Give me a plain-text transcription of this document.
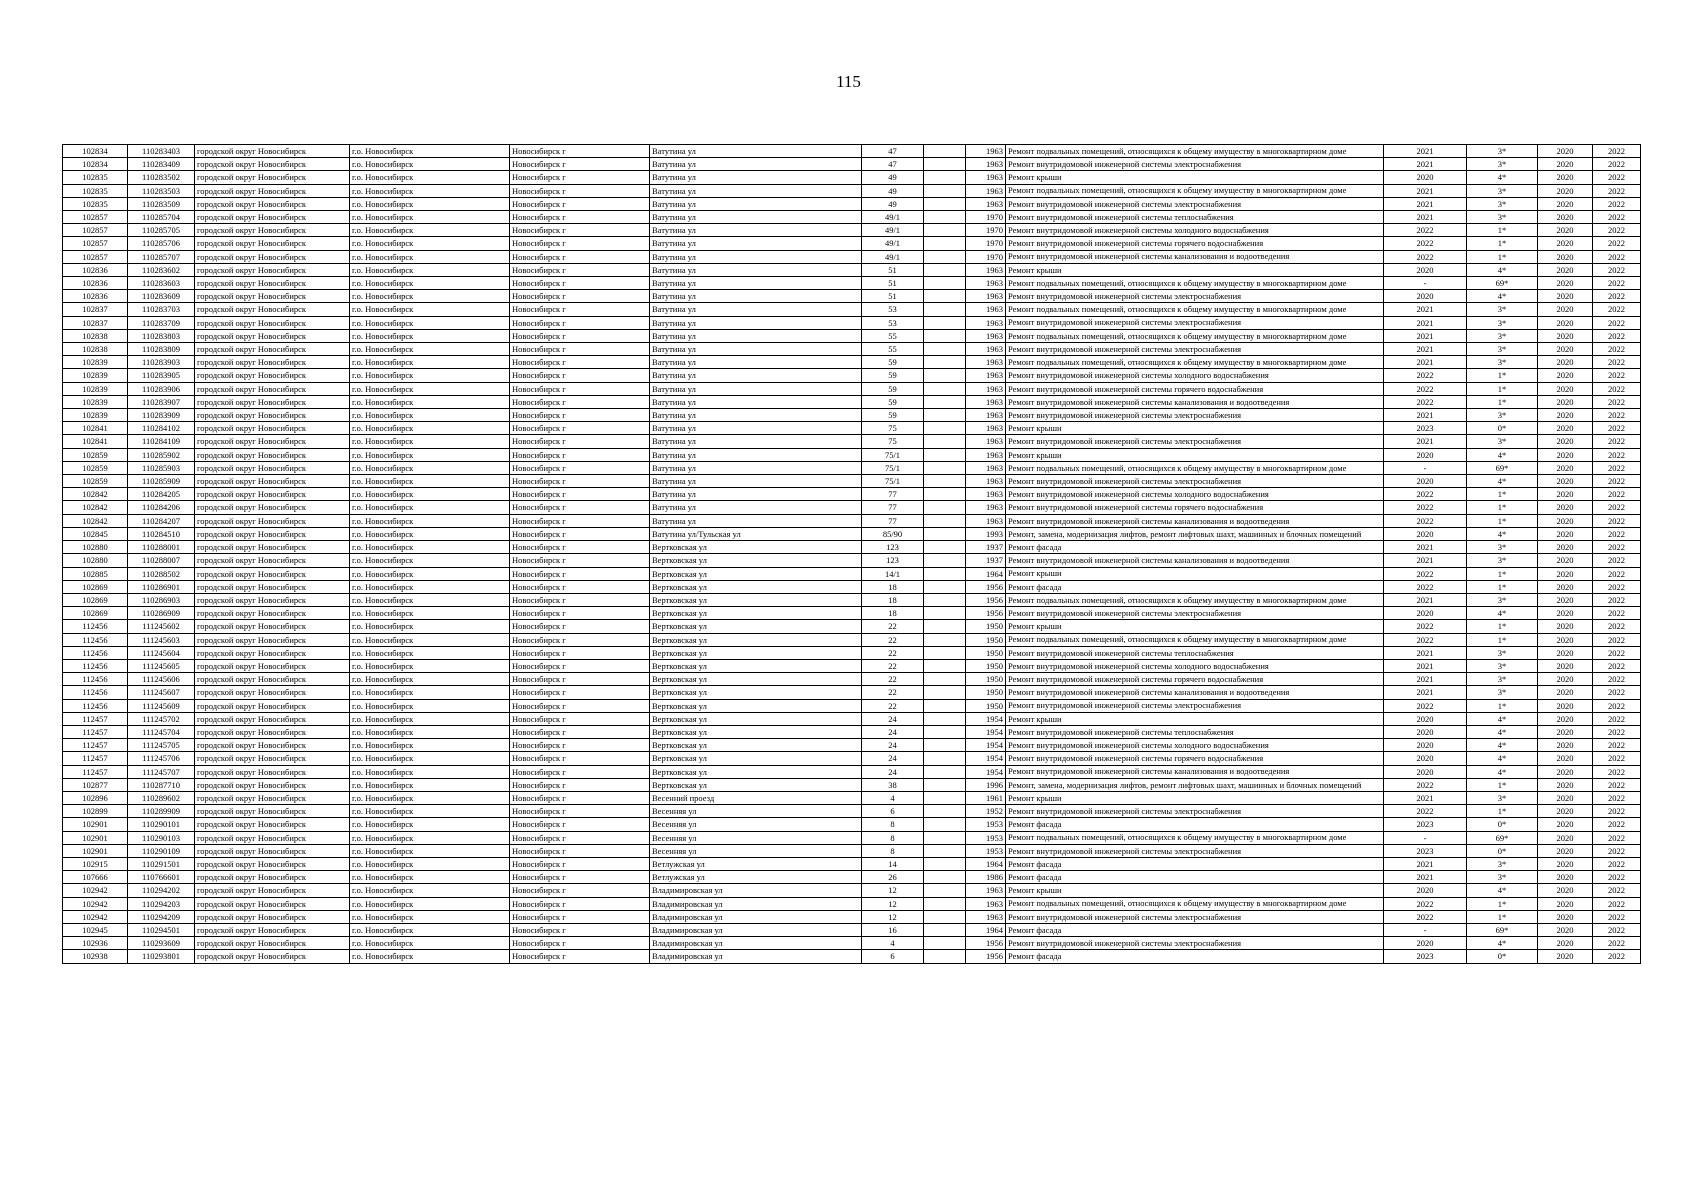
115
102834	110283403	городской округ Новосибирск	г.о. Новосибирск	Новосибирск г	Ватутина ул	47		1963	Ремонт подвальных помещений, относящихся к общему имуществу в многоквартирном доме	2021	3*	2020	2022
102834	110283409	городской округ Новосибирск	г.о. Новосибирск	Новосибирск г	Ватутина ул	47		1963	Ремонт внутридомовой инженерной системы электроснабжения	2021	3*	2020	2022
102835	110283502	городской округ Новосибирск	г.о. Новосибирск	Новосибирск г	Ватутина ул	49		1963	Ремонт крыши	2020	4*	2020	2022
102835	110283503	городской округ Новосибирск	г.о. Новосибирск	Новосибирск г	Ватутина ул	49		1963	Ремонт подвальных помещений, относящихся к общему имуществу в многоквартирном доме	2021	3*	2020	2022
102835	110283509	городской округ Новосибирск	г.о. Новосибирск	Новосибирск г	Ватутина ул	49		1963	Ремонт внутридомовой инженерной системы электроснабжения	2021	3*	2020	2022
102857	110285704	городской округ Новосибирск	г.о. Новосибирск	Новосибирск г	Ватутина ул	49/1		1970	Ремонт внутридомовой инженерной системы теплоснабжения	2021	3*	2020	2022
102857	110285705	городской округ Новосибирск	г.о. Новосибирск	Новосибирск г	Ватутина ул	49/1		1970	Ремонт внутридомовой инженерной системы холодного водоснабжения	2022	1*	2020	2022
102857	110285706	городской округ Новосибирск	г.о. Новосибирск	Новосибирск г	Ватутина ул	49/1		1970	Ремонт внутридомовой инженерной системы горячего водоснабжения	2022	1*	2020	2022
102857	110285707	городской округ Новосибирск	г.о. Новосибирск	Новосибирск г	Ватутина ул	49/1		1970	Ремонт внутридомовой инженерной системы канализования и водоотведения	2022	1*	2020	2022
102836	110283602	городской округ Новосибирск	г.о. Новосибирск	Новосибирск г	Ватутина ул	51		1963	Ремонт крыши	2020	4*	2020	2022
102836	110283603	городской округ Новосибирск	г.о. Новосибирск	Новосибирск г	Ватутина ул	51		1963	Ремонт подвальных помещений, относящихся к общему имуществу в многоквартирном доме	-	69*	2020	2022
102836	110283609	городской округ Новосибирск	г.о. Новосибирск	Новосибирск г	Ватутина ул	51		1963	Ремонт внутридомовой инженерной системы электроснабжения	2020	4*	2020	2022
102837	110283703	городской округ Новосибирск	г.о. Новосибирск	Новосибирск г	Ватутина ул	53		1963	Ремонт подвальных помещений, относящихся к общему имуществу в многоквартирном доме	2021	3*	2020	2022
102837	110283709	городской округ Новосибирск	г.о. Новосибирск	Новосибирск г	Ватутина ул	53		1963	Ремонт внутридомовой инженерной системы электроснабжения	2021	3*	2020	2022
102838	110283803	городской округ Новосибирск	г.о. Новосибирск	Новосибирск г	Ватутина ул	55		1963	Ремонт подвальных помещений, относящихся к общему имуществу в многоквартирном доме	2021	3*	2020	2022
102838	110283809	городской округ Новосибирск	г.о. Новосибирск	Новосибирск г	Ватутина ул	55		1963	Ремонт внутридомовой инженерной системы электроснабжения	2021	3*	2020	2022
102839	110283903	городской округ Новосибирск	г.о. Новосибирск	Новосибирск г	Ватутина ул	59		1963	Ремонт подвальных помещений, относящихся к общему имуществу в многоквартирном доме	2021	3*	2020	2022
102839	110283905	городской округ Новосибирск	г.о. Новосибирск	Новосибирск г	Ватутина ул	59		1963	Ремонт внутридомовой инженерной системы холодного водоснабжения	2022	1*	2020	2022
102839	110283906	городской округ Новосибирск	г.о. Новосибирск	Новосибирск г	Ватутина ул	59		1963	Ремонт внутридомовой инженерной системы горячего водоснабжения	2022	1*	2020	2022
102839	110283907	городской округ Новосибирск	г.о. Новосибирск	Новосибирск г	Ватутина ул	59		1963	Ремонт внутридомовой инженерной системы канализования и водоотведения	2022	1*	2020	2022
102839	110283909	городской округ Новосибирск	г.о. Новосибирск	Новосибирск г	Ватутина ул	59		1963	Ремонт внутридомовой инженерной системы электроснабжения	2021	3*	2020	2022
102841	110284102	городской округ Новосибирск	г.о. Новосибирск	Новосибирск г	Ватутина ул	75		1963	Ремонт крыши	2023	0*	2020	2022
102841	110284109	городской округ Новосибирск	г.о. Новосибирск	Новосибирск г	Ватутина ул	75		1963	Ремонт внутридомовой инженерной системы электроснабжения	2021	3*	2020	2022
102859	110285902	городской округ Новосибирск	г.о. Новосибирск	Новосибирск г	Ватутина ул	75/1		1963	Ремонт крыши	2020	4*	2020	2022
102859	110285903	городской округ Новосибирск	г.о. Новосибирск	Новосибирск г	Ватутина ул	75/1		1963	Ремонт подвальных помещений, относящихся к общему имуществу в многоквартирном доме	-	69*	2020	2022
102859	110285909	городской округ Новосибирск	г.о. Новосибирск	Новосибирск г	Ватутина ул	75/1		1963	Ремонт внутридомовой инженерной системы электроснабжения	2020	4*	2020	2022
102842	110284205	городской округ Новосибирск	г.о. Новосибирск	Новосибирск г	Ватутина ул	77		1963	Ремонт внутридомовой инженерной системы холодного водоснабжения	2022	1*	2020	2022
102842	110284206	городской округ Новосибирск	г.о. Новосибирск	Новосибирск г	Ватутина ул	77		1963	Ремонт внутридомовой инженерной системы горячего водоснабжения	2022	1*	2020	2022
102842	110284207	городской округ Новосибирск	г.о. Новосибирск	Новосибирск г	Ватутина ул	77		1963	Ремонт внутридомовой инженерной системы канализования и водоотведения	2022	1*	2020	2022
102845	110284510	городской округ Новосибирск	г.о. Новосибирск	Новосибирск г	Ватутина ул/Тульская ул	85/90		1993	Ремонт, замена, модернизация лифтов, ремонт лифтовых шахт, машинных и блочных помещений	2020	4*	2020	2022
102880	110288001	городской округ Новосибирск	г.о. Новосибирск	Новосибирск г	Вертковская ул	123		1937	Ремонт фасада	2021	3*	2020	2022
102880	110288007	городской округ Новосибирск	г.о. Новосибирск	Новосибирск г	Вертковская ул	123		1937	Ремонт внутридомовой инженерной системы канализования и водоотведения	2021	3*	2020	2022
102885	110288502	городской округ Новосибирск	г.о. Новосибирск	Новосибирск г	Вертковская ул	14/1		1964	Ремонт крыши	2022	1*	2020	2022
102869	110286901	городской округ Новосибирск	г.о. Новосибирск	Новосибирск г	Вертковская ул	18		1956	Ремонт фасада	2022	1*	2020	2022
102869	110286903	городской округ Новосибирск	г.о. Новосибирск	Новосибирск г	Вертковская ул	18		1956	Ремонт подвальных помещений, относящихся к общему имуществу в многоквартирном доме	2021	3*	2020	2022
102869	110286909	городской округ Новосибирск	г.о. Новосибирск	Новосибирск г	Вертковская ул	18		1956	Ремонт внутридомовой инженерной системы электроснабжения	2020	4*	2020	2022
112456	111245602	городской округ Новосибирск	г.о. Новосибирск	Новосибирск г	Вертковская ул	22		1950	Ремонт крыши	2022	1*	2020	2022
112456	111245603	городской округ Новосибирск	г.о. Новосибирск	Новосибирск г	Вертковская ул	22		1950	Ремонт подвальных помещений, относящихся к общему имуществу в многоквартирном доме	2022	1*	2020	2022
112456	111245604	городской округ Новосибирск	г.о. Новосибирск	Новосибирск г	Вертковская ул	22		1950	Ремонт внутридомовой инженерной системы теплоснабжения	2021	3*	2020	2022
112456	111245605	городской округ Новосибирск	г.о. Новосибирск	Новосибирск г	Вертковская ул	22		1950	Ремонт внутридомовой инженерной системы холодного водоснабжения	2021	3*	2020	2022
112456	111245606	городской округ Новосибирск	г.о. Новосибирск	Новосибирск г	Вертковская ул	22		1950	Ремонт внутридомовой инженерной системы горячего водоснабжения	2021	3*	2020	2022
112456	111245607	городской округ Новосибирск	г.о. Новосибирск	Новосибирск г	Вертковская ул	22		1950	Ремонт внутридомовой инженерной системы канализования и водоотведения	2021	3*	2020	2022
112456	111245609	городской округ Новосибирск	г.о. Новосибирск	Новосибирск г	Вертковская ул	22		1950	Ремонт внутридомовой инженерной системы электроснабжения	2022	1*	2020	2022
112457	111245702	городской округ Новосибирск	г.о. Новосибирск	Новосибирск г	Вертковская ул	24		1954	Ремонт крыши	2020	4*	2020	2022
112457	111245704	городской округ Новосибирск	г.о. Новосибирск	Новосибирск г	Вертковская ул	24		1954	Ремонт внутридомовой инженерной системы теплоснабжения	2020	4*	2020	2022
112457	111245705	городской округ Новосибирск	г.о. Новосибирск	Новосибирск г	Вертковская ул	24		1954	Ремонт внутридомовой инженерной системы холодного водоснабжения	2020	4*	2020	2022
112457	111245706	городской округ Новосибирск	г.о. Новосибирск	Новосибирск г	Вертковская ул	24		1954	Ремонт внутридомовой инженерной системы горячего водоснабжения	2020	4*	2020	2022
112457	111245707	городской округ Новосибирск	г.о. Новосибирск	Новосибирск г	Вертковская ул	24		1954	Ремонт внутридомовой инженерной системы канализования и водоотведения	2020	4*	2020	2022
102877	110287710	городской округ Новосибирск	г.о. Новосибирск	Новосибирск г	Вертковская ул	38		1996	Ремонт, замена, модернизация лифтов, ремонт лифтовых шахт, машинных и блочных помещений	2022	1*	2020	2022
102896	110289602	городской округ Новосибирск	г.о. Новосибирск	Новосибирск г	Весенний проезд	4		1961	Ремонт крыши	2021	3*	2020	2022
102899	110289909	городской округ Новосибирск	г.о. Новосибирск	Новосибирск г	Весенняя ул	6		1952	Ремонт внутридомовой инженерной системы электроснабжения	2022	1*	2020	2022
102901	110290101	городской округ Новосибирск	г.о. Новосибирск	Новосибирск г	Весенняя ул	8		1953	Ремонт фасада	2023	0*	2020	2022
102901	110290103	городской округ Новосибирск	г.о. Новосибирск	Новосибирск г	Весенняя ул	8		1953	Ремонт подвальных помещений, относящихся к общему имуществу в многоквартирном доме	-	69*	2020	2022
102901	110290109	городской округ Новосибирск	г.о. Новосибирск	Новосибирск г	Весенняя ул	8		1953	Ремонт внутридомовой инженерной системы электроснабжения	2023	0*	2020	2022
102915	110291501	городской округ Новосибирск	г.о. Новосибирск	Новосибирск г	Ветлужская ул	14		1964	Ремонт фасада	2021	3*	2020	2022
107666	110766601	городской округ Новосибирск	г.о. Новосибирск	Новосибирск г	Ветлужская ул	26		1986	Ремонт фасада	2021	3*	2020	2022
102942	110294202	городской округ Новосибирск	г.о. Новосибирск	Новосибирск г	Владимировская ул	12		1963	Ремонт крыши	2020	4*	2020	2022
102942	110294203	городской округ Новосибирск	г.о. Новосибирск	Новосибирск г	Владимировская ул	12		1963	Ремонт подвальных помещений, относящихся к общему имуществу в многоквартирном доме	2022	1*	2020	2022
102942	110294209	городской округ Новосибирск	г.о. Новосибирск	Новосибирск г	Владимировская ул	12		1963	Ремонт внутридомовой инженерной системы электроснабжения	2022	1*	2020	2022
102945	110294501	городской округ Новосибирск	г.о. Новосибирск	Новосибирск г	Владимировская ул	16		1964	Ремонт фасада	-	69*	2020	2022
102936	110293609	городской округ Новосибирск	г.о. Новосибирск	Новосибирск г	Владимировская ул	4		1956	Ремонт внутридомовой инженерной системы электроснабжения	2020	4*	2020	2022
102938	110293801	городской округ Новосибирск	г.о. Новосибирск	Новосибирск г	Владимировская ул	6		1956	Ремонт фасада	2023	0*	2020	2022
